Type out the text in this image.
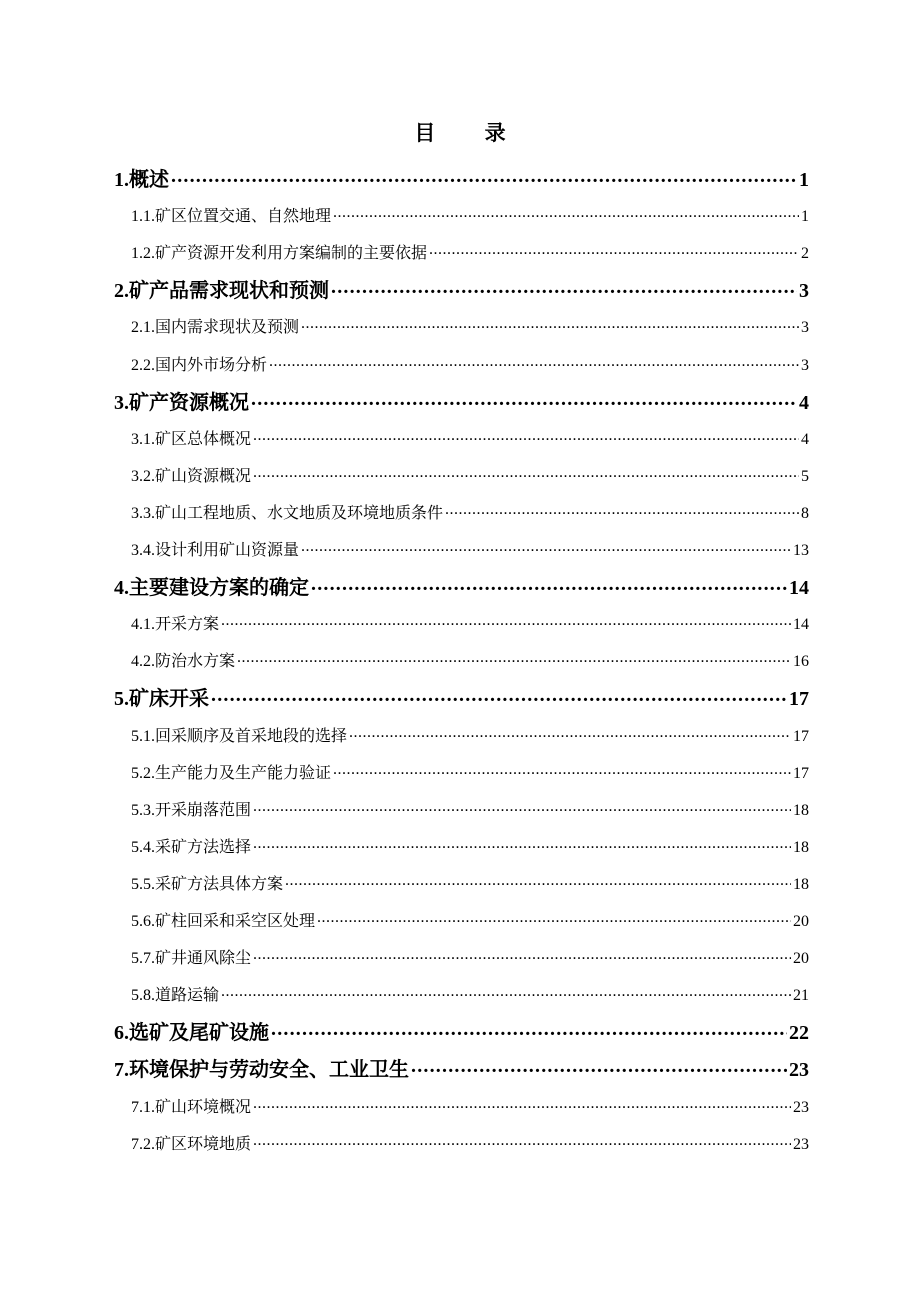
目 录
1.概述 .....	1
1.1.矿区位置交通、自然地理 .....	1
1.2.矿产资源开发利用方案编制的主要依据 .....	2
2.矿产品需求现状和预测 .....	3
2.1.国内需求现状及预测 .....	3
2.2.国内外市场分析 .....	3
3.矿产资源概况 .....	4
3.1.矿区总体概况 .....	4
3.2.矿山资源概况 .....	5
3.3.矿山工程地质、水文地质及环境地质条件 .....	8
3.4.设计利用矿山资源量 .....	13
4.主要建设方案的确定 .....	14
4.1.开采方案 .....	14
4.2.防治水方案 .....	16
5.矿床开采 .....	17
5.1.回采顺序及首采地段的选择 .....	17
5.2.生产能力及生产能力验证 .....	17
5.3.开采崩落范围 .....	18
5.4.采矿方法选择 .....	18
5.5.采矿方法具体方案 .....	18
5.6.矿柱回采和采空区处理 .....	20
5.7.矿井通风除尘 .....	20
5.8.道路运输 .....	21
6.选矿及尾矿设施 .....	22
7.环境保护与劳动安全、工业卫生 .....	23
7.1.矿山环境概况 .....	23
7.2.矿区环境地质 .....	23
